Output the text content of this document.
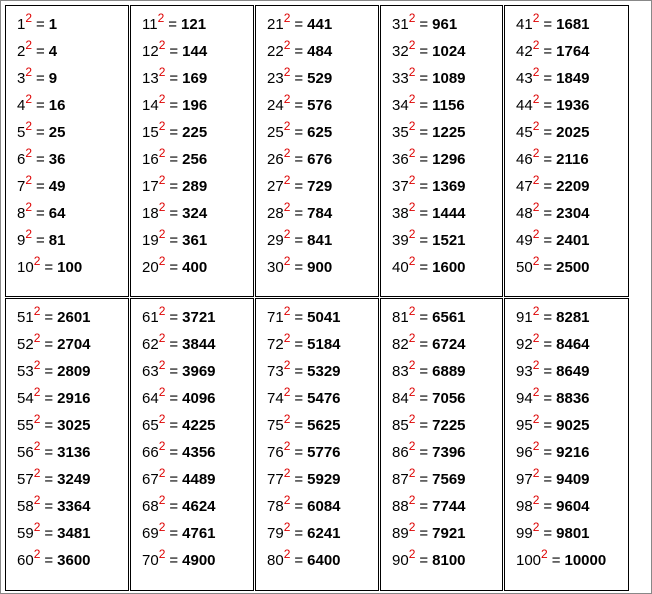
$1^2 = 1$
$2^2 = 4$
$3^2 = 9$
$4^2 = 16$
$5^2 = 25$
$6^2 = 36$
$7^2 = 49$
$8^2 = 64$
$9^2 = 81$
$10^2 = 100$
$11^2 = 121$
$12^2 = 144$
$13^2 = 169$
$14^2 = 196$
$15^2 = 225$
$16^2 = 256$
$17^2 = 289$
$18^2 = 324$
$19^2 = 361$
$20^2 = 400$
$21^2 = 441$
$22^2 = 484$
$23^2 = 529$
$24^2 = 576$
$25^2 = 625$
$26^2 = 676$
$27^2 = 729$
$28^2 = 784$
$29^2 = 841$
$30^2 = 900$
$31^2 = 961$
$32^2 = 1024$
$33^2 = 1089$
$34^2 = 1156$
$35^2 = 1225$
$36^2 = 1296$
$37^2 = 1369$
$38^2 = 1444$
$39^2 = 1521$
$40^2 = 1600$
$41^2 = 1681$
$42^2 = 1764$
$43^2 = 1849$
$44^2 = 1936$
$45^2 = 2025$
$46^2 = 2116$
$47^2 = 2209$
$48^2 = 2304$
$49^2 = 2401$
$50^2 = 2500$
$51^2 = 2601$
$52^2 = 2704$
$53^2 = 2809$
$54^2 = 2916$
$55^2 = 3025$
$56^2 = 3136$
$57^2 = 3249$
$58^2 = 3364$
$59^2 = 3481$
$60^2 = 3600$
$61^2 = 3721$
$62^2 = 3844$
$63^2 = 3969$
$64^2 = 4096$
$65^2 = 4225$
$66^2 = 4356$
$67^2 = 4489$
$68^2 = 4624$
$69^2 = 4761$
$70^2 = 4900$
$71^2 = 5041$
$72^2 = 5184$
$73^2 = 5329$
$74^2 = 5476$
$75^2 = 5625$
$76^2 = 5776$
$77^2 = 5929$
$78^2 = 6084$
$79^2 = 6241$
$80^2 = 6400$
$81^2 = 6561$
$82^2 = 6724$
$83^2 = 6889$
$84^2 = 7056$
$85^2 = 7225$
$86^2 = 7396$
$87^2 = 7569$
$88^2 = 7744$
$89^2 = 7921$
$90^2 = 8100$
$91^2 = 8281$
$92^2 = 8464$
$93^2 = 8649$
$94^2 = 8836$
$95^2 = 9025$
$96^2 = 9216$
$97^2 = 9409$
$98^2 = 9604$
$99^2 = 9801$
$100^2 = 10000$
